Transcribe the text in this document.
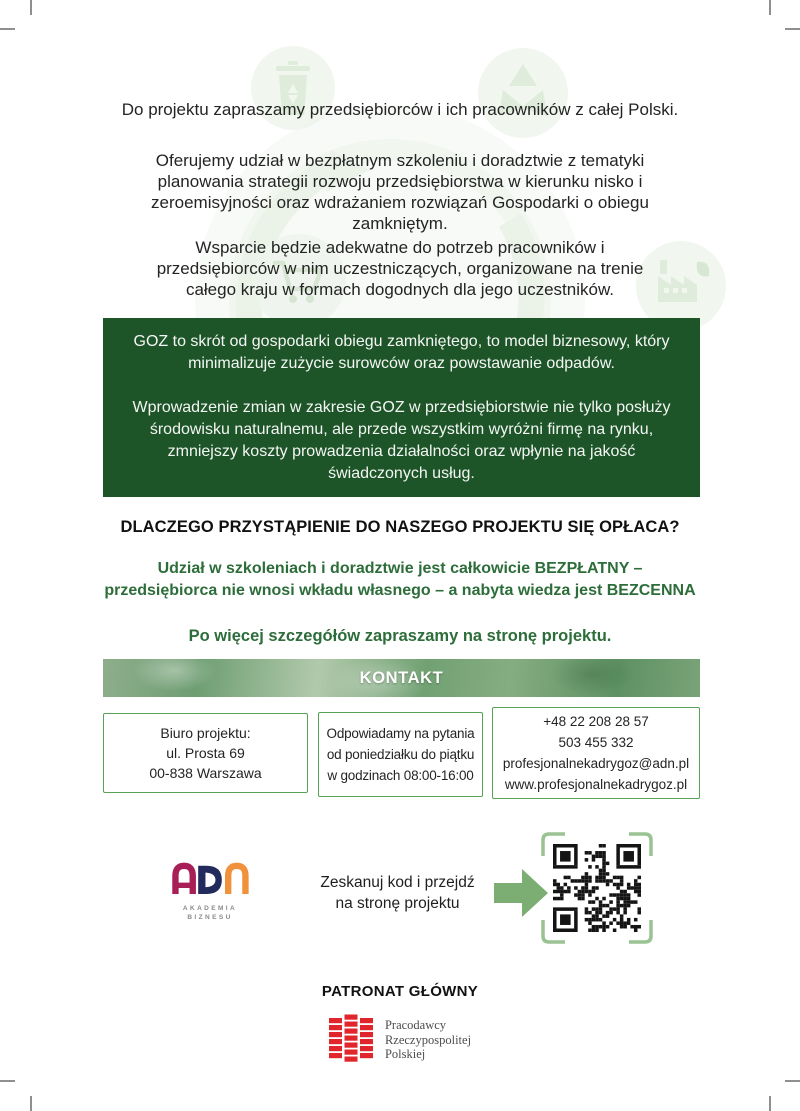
Do projektu zapraszamy przedsiębiorców i ich pracowników z całej Polski.

Oferujemy udział w bezpłatnym szkoleniu i doradztwie z tematyki planowania strategii rozwoju przedsiębiorstwa w kierunku nisko i zeroemisyjności oraz wdrażaniem rozwiązań Gospodarki o obiegu zamkniętym.

Wsparcie będzie adekwatne do potrzeb pracowników i przedsiębiorców w nim uczestniczących, organizowane na trenie całego kraju w formach dogodnych dla jego uczestników.

GOZ to skrót od gospodarki obiegu zamkniętego, to model biznesowy, który minimalizuje zużycie surowców oraz powstawanie odpadów.

Wprowadzenie zmian w zakresie GOZ w przedsiębiorstwie nie tylko posłuży środowisku naturalnemu, ale przede wszystkim wyróżni firmę na rynku, zmniejszy koszty prowadzenia działalności oraz wpłynie na jakość świadczonych usług.

DLACZEGO PRZYSTĄPIENIE DO NASZEGO PROJEKTU SIĘ OPŁACA?
Udział w szkoleniach i doradztwie jest całkowicie BEZPŁATNY –
przedsiębiorca nie wnosi wkładu własnego – a nabyta wiedza jest BEZCENNA

Po więcej szczegółów zapraszamy na stronę projektu.

KONTAKT
Biuro projektu:
ul. Prosta 69
00-838 Warszawa
Odpowiadamy na pytania
od poniedziałku do piątku
w godzinach 08:00-16:00
+48 22 208 28 57
503 455 332
profesjonalnekadrygoz@adn.pl
www.profesjonalnekadrygoz.pl
AKADEMIA
BIZNESU
Zeskanuj kod i przejdź
na stronę projektu
PATRONAT GŁÓWNY
Pracodawcy
Rzeczypospolitej
Polskiej
